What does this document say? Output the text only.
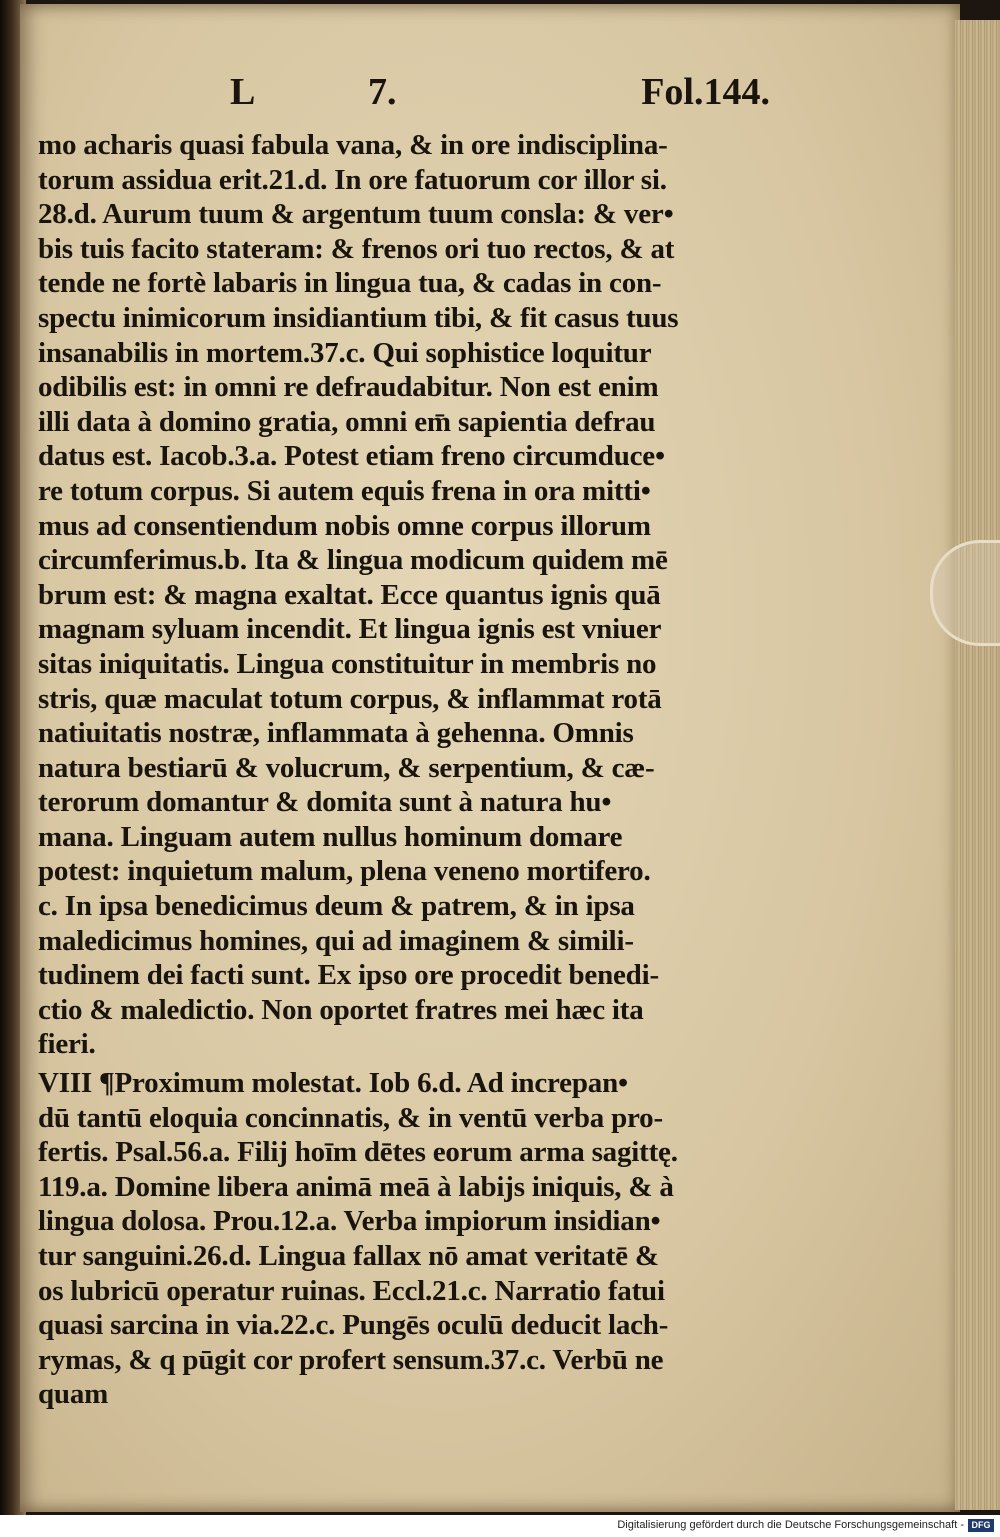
L	7.	Fol.144.
mo acharis quasi fabula vana, & in ore indisciplina-
torum assidua erit.21.d. In ore fatuorum cor illor si.
28.d. Aurum tuum & argentum tuum consla: & ver•
bis tuis facito stateram: & frenos ori tuo rectos, & at
tende ne fortè labaris in lingua tua, & cadas in con-
spectu inimicorum insidiantium tibi, & fit casus tuus
insanabilis in mortem.37.c. Qui sophistice loquitur
odibilis est: in omni re defraudabitur. Non est enim
illi data à domino gratia, omni em̄ sapientia defrau
datus est. Iacob.3.a. Potest etiam freno circumduce•
re totum corpus. Si autem equis frena in ora mitti•
mus ad consentiendum nobis omne corpus illorum
circumferimus.b. Ita & lingua modicum quidem mē
brum est: & magna exaltat. Ecce quantus ignis quā
magnam syluam incendit. Et lingua ignis est vniuer
sitas iniquitatis. Lingua constituitur in membris no
stris, quæ maculat totum corpus, & inflammat rotā
natiuitatis nostræ, inflammata à gehenna. Omnis
natura bestiarū & volucrum, & serpentium, & cæ-
terorum domantur & domita sunt à natura hu•
mana. Linguam autem nullus hominum domare
potest: inquietum malum, plena veneno mortifero.
c. In ipsa benedicimus deum & patrem, & in ipsa
maledicimus homines, qui ad imaginem & simili-
tudinem dei facti sunt. Ex ipso ore procedit benedi-
ctio & maledictio. Non oportet fratres mei hæc ita
fieri.
VIII ¶Proximum molestat. Iob 6.d. Ad increpan•
dū tantū eloquia concinnatis, & in ventū verba pro-
fertis. Psal.56.a. Filij hoīm dētes eorum arma sagittę.
119.a. Domine libera animā meā à labijs iniquis, & à
lingua dolosa. Prou.12.a. Verba impiorum insidian•
tur sanguini.26.d. Lingua fallax nō amat veritatē &
os lubricū operatur ruinas. Eccl.21.c. Narratio fatui
quasi sarcina in via.22.c. Pungēs oculū deducit lach-
rymas, & q pūgit cor profert sensum.37.c. Verbū ne
quam
Digitalisierung gefördert durch die Deutsche Forschungsgemeinschaft - DFG
